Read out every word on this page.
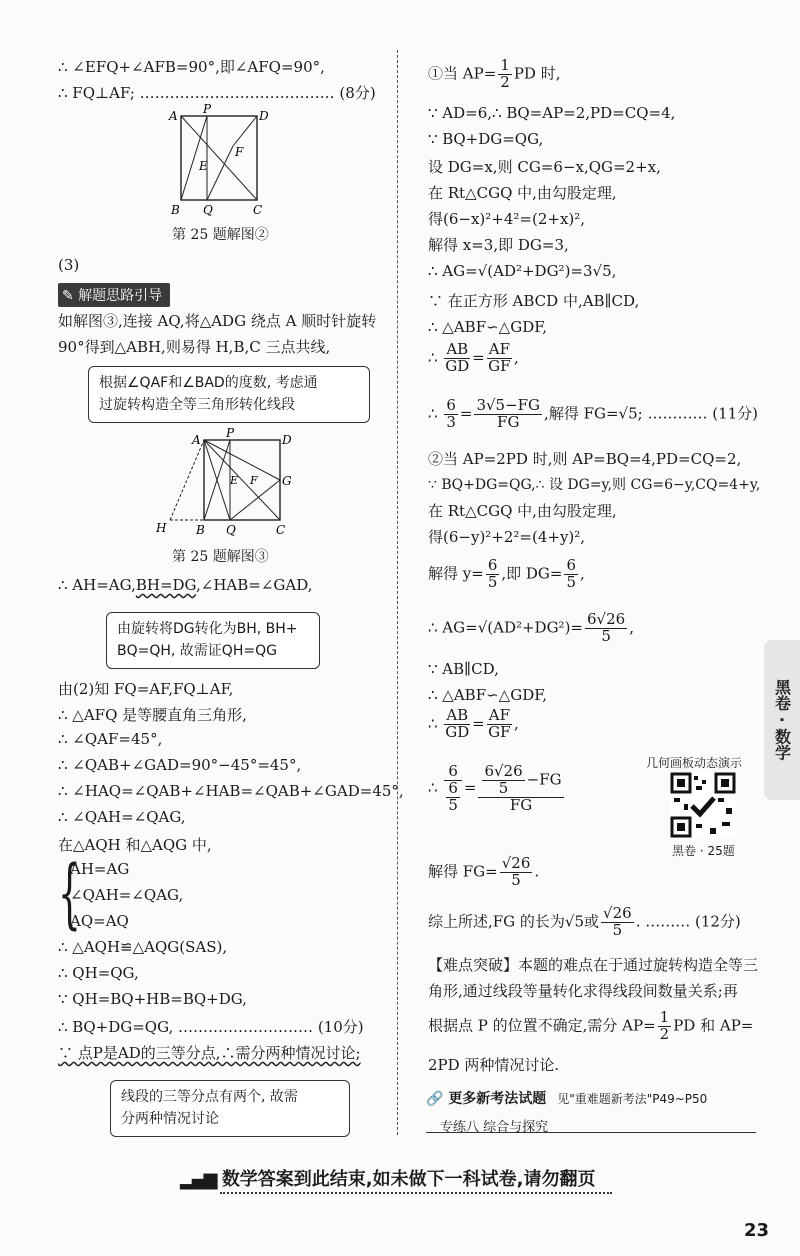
∴ ∠EFQ+∠AFB=90°,即∠AFQ=90°,
∴ FQ⊥AF; ………………………………… (8分)
A P	D
E
F
B Q	C
第 25 题解图②
(3)
✎ 解题思路引导
如解图③,连接 AQ,将△ADG 绕点 A 顺时针旋转
90°得到△ABH,则易得 H,B,C 三点共线,
根据∠QAF和∠BAD的度数, 考虑通
过旋转构造全等三角形转化线段
A P	D
E F G
H B Q	C
第 25 题解图③
∴ AH=AG,BH=DG,∠HAB=∠GAD,
由旋转将DG转化为BH, BH+
BQ=QH, 故需证QH=QG
由(2)知 FQ=AF,FQ⊥AF,
∴ △AFQ 是等腰直角三角形,
∴ ∠QAF=45°,
∴ ∠QAB+∠GAD=90°−45°=45°,
∴ ∠HAQ=∠QAB+∠HAB=∠QAB+∠GAD=45°,
∴ ∠QAH=∠QAG,
在△AQH 和△AQG 中,
{
AH=AG
∠QAH=∠QAG,
AQ=AQ
∴ △AQH≌△AQG(SAS),
∴ QH=QG,
∵ QH=BQ+HB=BQ+DG,
∴ BQ+DG=QG, ……………………… (10分)
∵ 点P是AD的三等分点,∴需分两种情况讨论;
线段的三等分点有两个, 故需
分两种情况讨论
①当 $AP= \frac{1}{2}$ PD 时,
∵ AD=6,∴ BQ=AP=2,PD=CQ=4,
∵ BQ+DG=QG,
设 DG=x,则 CG=6−x,QG=2+x,
在 Rt△CGQ 中,由勾股定理,
得(6−x)²+4²=(2+x)²,
解得 x=3,即 DG=3,
∴ AG=√(AD²+DG²)=3√5,
∵ 在正方形 ABCD 中,AB∥CD,
∴ △ABF∽△GDF,
∴ $\frac{AB}{GD} = \frac{AF}{GF}$ ,
∴ $\frac{6}{3} = \frac{3√5-FG}{FG}$ ,解得 FG=√5; ………… (11分)
②当 AP=2PD 时,则 AP=BQ=4,PD=CQ=2,
∵ BQ+DG=QG,∴ 设 DG=y,则 CG=6−y,CQ=4+y,
在 Rt△CGQ 中,由勾股定理,
得(6−y)²+2²=(4+y)²,
解得 $y= \frac{6}{5}$ ,即 $DG= \frac{6}{5}$ ,
∴ $AG=√(AD^2+DG^2)= \frac{6√26}{5}$ ,
∵ AB∥CD,
∴ △ABF∽△GDF,
∴ $\frac{AB}{GD} = \frac{AF}{GF}$ ,
∴ 6
6
$5 = \frac{\frac{6√26}{5} -FG}{FG}$
几何画板动态演示
黑卷 · 25题
解得 $FG= \frac{√26}{5}$ .
综上所述,FG 的长为√5或 $\frac{√26}{5}$ . ……… (12分)
【难点突破】本题的难点在于通过旋转构造全等三
角形,通过线段等量转化求得线段间数量关系;再
根据点 P 的位置不确定,需分 $AP= \frac{1}{2}$ PD 和 AP=
2PD 两种情况讨论.
🔗 更多新考法试题 见"重难题新考法"P49~P50
专练八 综合与探究
黑卷 · 数学
▂▄▆ 数学答案到此结束,如未做下一科试卷,请勿翻页
23
